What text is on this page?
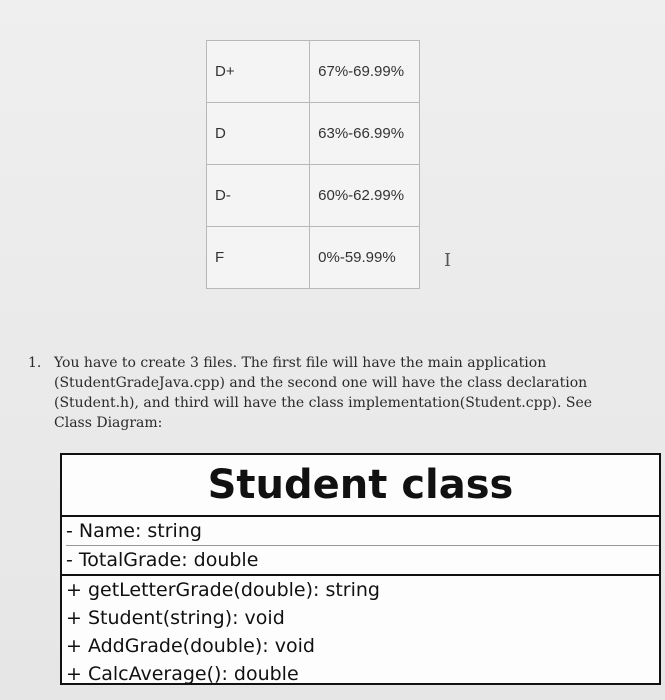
D+	67%-69.99%
D	63%-66.99%
D-	60%-62.99%
F	0%-59.99%	I
1. You have to create 3 files. The first file will have the main application (StudentGradeJava.cpp) and the second one will have the class declaration (Student.h), and third will have the class implementation(Student.cpp). See Class Diagram:
Student class
- Name: string
- TotalGrade: double
+ getLetterGrade(double): string
+ Student(string): void
+ AddGrade(double): void
+ CalcAverage(): double
